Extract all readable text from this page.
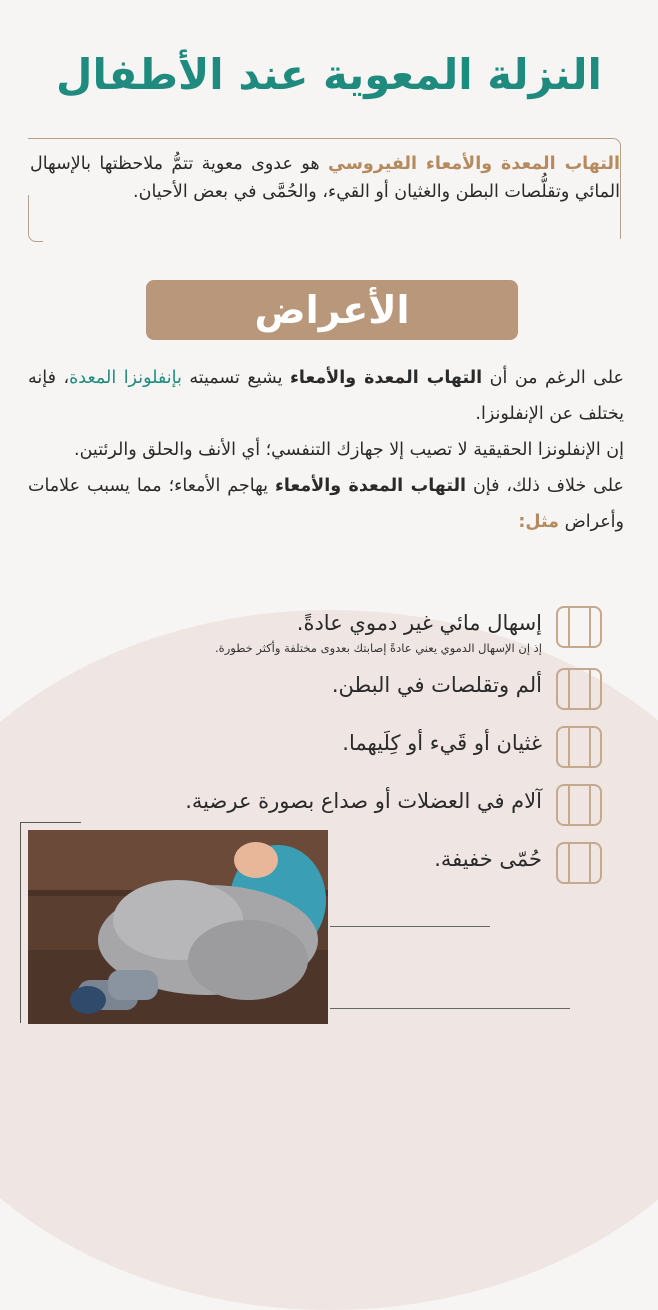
النزلة المعوية عند الأطفال
التهاب المعدة والأمعاء الفيروسي هو عدوى معوية تتمُّ ملاحظتها بالإسهال المائي وتقلُّصات البطن والغثيان أو القيء، والحُمَّى في بعض الأحيان.
الأعراض

على الرغم من أن التهاب المعدة والأمعاء يشيع تسميته بإنفلونزا المعدة، فإنه يختلف عن الإنفلونزا.

إن الإنفلونزا الحقيقية لا تصيب إلا جهازك التنفسي؛ أي الأنف والحلق والرئتين.

على خلاف ذلك، فإن التهاب المعدة والأمعاء يهاجم الأمعاء؛ مما يسبب علامات وأعراض مثل:

إسهال مائي غير دموي عادةً.
إذ إن الإسهال الدموي يعني عادةً إصابتك بعدوى مختلفة وأكثر خطورة.
ألم وتقلصات في البطن.
غثيان أو قَيء أو كِلَيهما.
آلام في العضلات أو صداع بصورة عرضية.
حُمّى خفيفة.
